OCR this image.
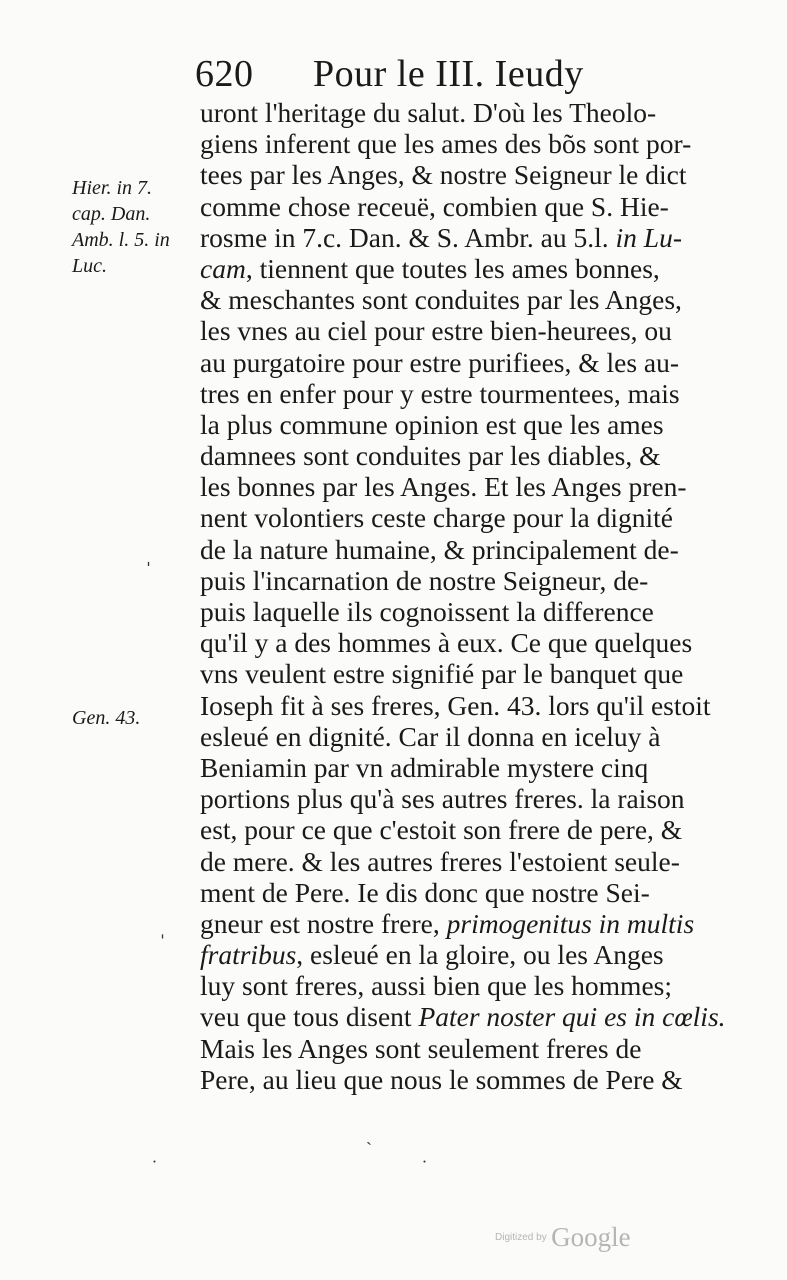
620 Pour le III. Ieudy
Hier. in 7.
cap. Dan.
Amb. l. 5. in
Luc.
Gen. 43.
uront l'heritage du salut. D'où les Theolo-
giens inferent que les ames des bõs sont por-
tees par les Anges, & nostre Seigneur le dict
comme chose receuë, combien que S. Hie-
rosme in 7.c. Dan. & S. Ambr. au 5.l. in Lu-
cam, tiennent que toutes les ames bonnes,
& meschantes sont conduites par les Anges,
les vnes au ciel pour estre bien-heurees, ou
au purgatoire pour estre purifiees, & les au-
tres en enfer pour y estre tourmentees, mais
la plus commune opinion est que les ames
damnees sont conduites par les diables, &
les bonnes par les Anges. Et les Anges pren-
nent volontiers ceste charge pour la dignité
de la nature humaine, & principalement de-
puis l'incarnation de nostre Seigneur, de-
puis laquelle ils cognoissent la difference
qu'il y a des hommes à eux. Ce que quelques
vns veulent estre signifié par le banquet que
Ioseph fit à ses freres, Gen. 43. lors qu'il estoit
esleué en dignité. Car il donna en iceluy à
Beniamin par vn admirable mystere cinq
portions plus qu'à ses autres freres. la raison
est, pour ce que c'estoit son frere de pere, &
de mere. & les autres freres l'estoient seule-
ment de Pere. Ie dis donc que nostre Sei-
gneur est nostre frere, primogenitus in multis
fratribus, esleué en la gloire, ou les Anges
luy sont freres, aussi bien que les hommes;
veu que tous disent Pater noster qui es in cœlis.
Mais les Anges sont seulement freres de
Pere, au lieu que nous le sommes de Pere &
ˌ
ˈ
ˏ
˙	˙
Digitized by Google
